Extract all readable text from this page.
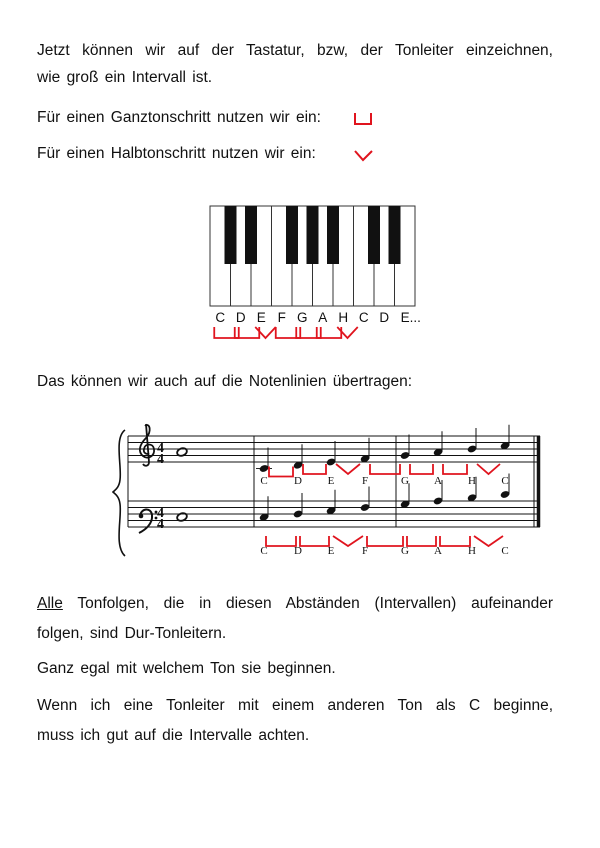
Jetzt können wir auf der Tastatur, bzw, der Tonleiter einzeichnen,

wie groß ein Intervall ist.

Für einen Ganztonschritt nutzen wir ein:
Für einen Halbtonschritt nutzen wir ein:
C D E F G A H C D E...

Das können wir auch auf die Notenlinien übertragen:

4
4
4
4
C D E	F	G A H C
C D E	F	G A H C

Alle Tonfolgen, die in diesen Abständen (Intervallen) aufeinander

folgen, sind Dur-Tonleitern.

Ganz egal mit welchem Ton sie beginnen.

Wenn ich eine Tonleiter mit einem anderen Ton als C beginne,

muss ich gut auf die Intervalle achten.
